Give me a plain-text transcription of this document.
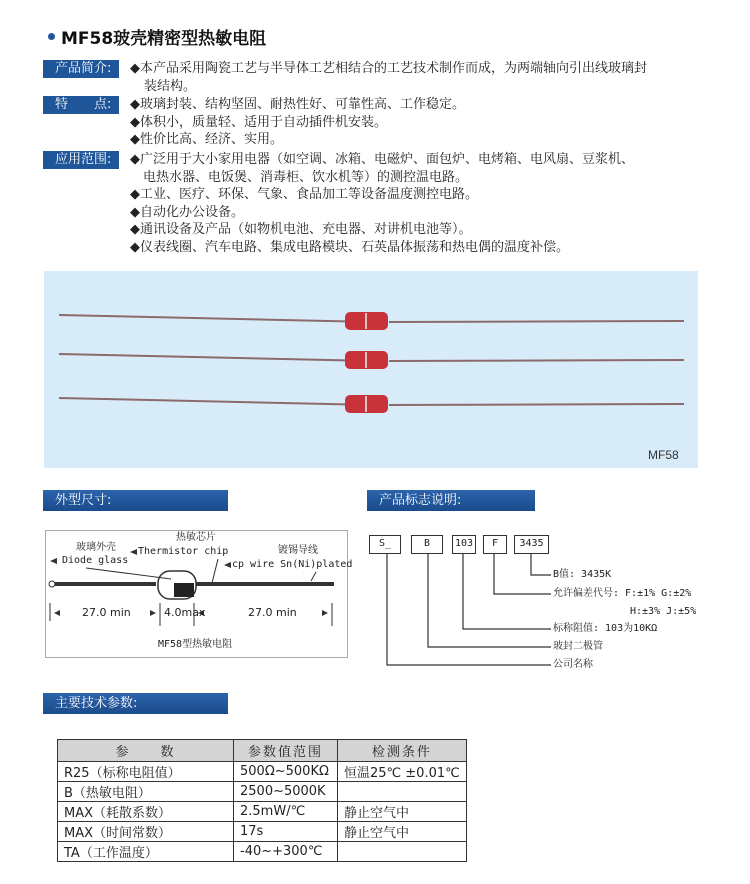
MF58玻壳精密型热敏电阻
产品简介:	◆本产品采用陶瓷工艺与半导体工艺相结合的工艺技术制作而成，为两端轴向引出线玻璃封
装结构。
特　　点:	◆玻璃封装、结构坚固、耐热性好、可靠性高、工作稳定。
◆体积小，质量轻、适用于自动插件机安装。
◆性价比高、经济、实用。
应用范围:	◆广泛用于大小家用电器（如空调、冰箱、电磁炉、面包炉、电烤箱、电风扇、豆浆机、
　电热水器、电饭煲、消毒柜、饮水机等）的测控温电路。
◆工业、医疗、环保、气象、食品加工等设备温度测控电路。
◆自动化办公设备。
◆通讯设备及产品（如物机电池、充电器、对讲机电池等）。
◆仪表线圈、汽车电路、集成电路模块、石英晶体振荡和热电偶的温度补偿。
MF58
外型尺寸:	产品标志说明:
玻璃外壳
Diode glass
热敏芯片
Thermistor chip	镀锡导线
cp wire Sn(Ni)plated
27.0 min	4.0max	27.0 min
MF58型热敏电阻
S_	B	103	F	3435
B值: 3435K
允许偏差代号: F:±1% G:±2%
H:±3% J:±5%
标称阻值: 103为10KΩ
玻封二极管
公司名称
主要技术参数:
参　　数	参数值范围	检测条件
R25（标称电阻值）	500Ω~500KΩ	恒温25℃ ±0.01℃
B（热敏电阻）	2500~5000K	
MAX（耗散系数）	2.5mW/℃	静止空气中
MAX（时间常数）	17s	静止空气中
TA（工作温度）	-40~+300℃	
